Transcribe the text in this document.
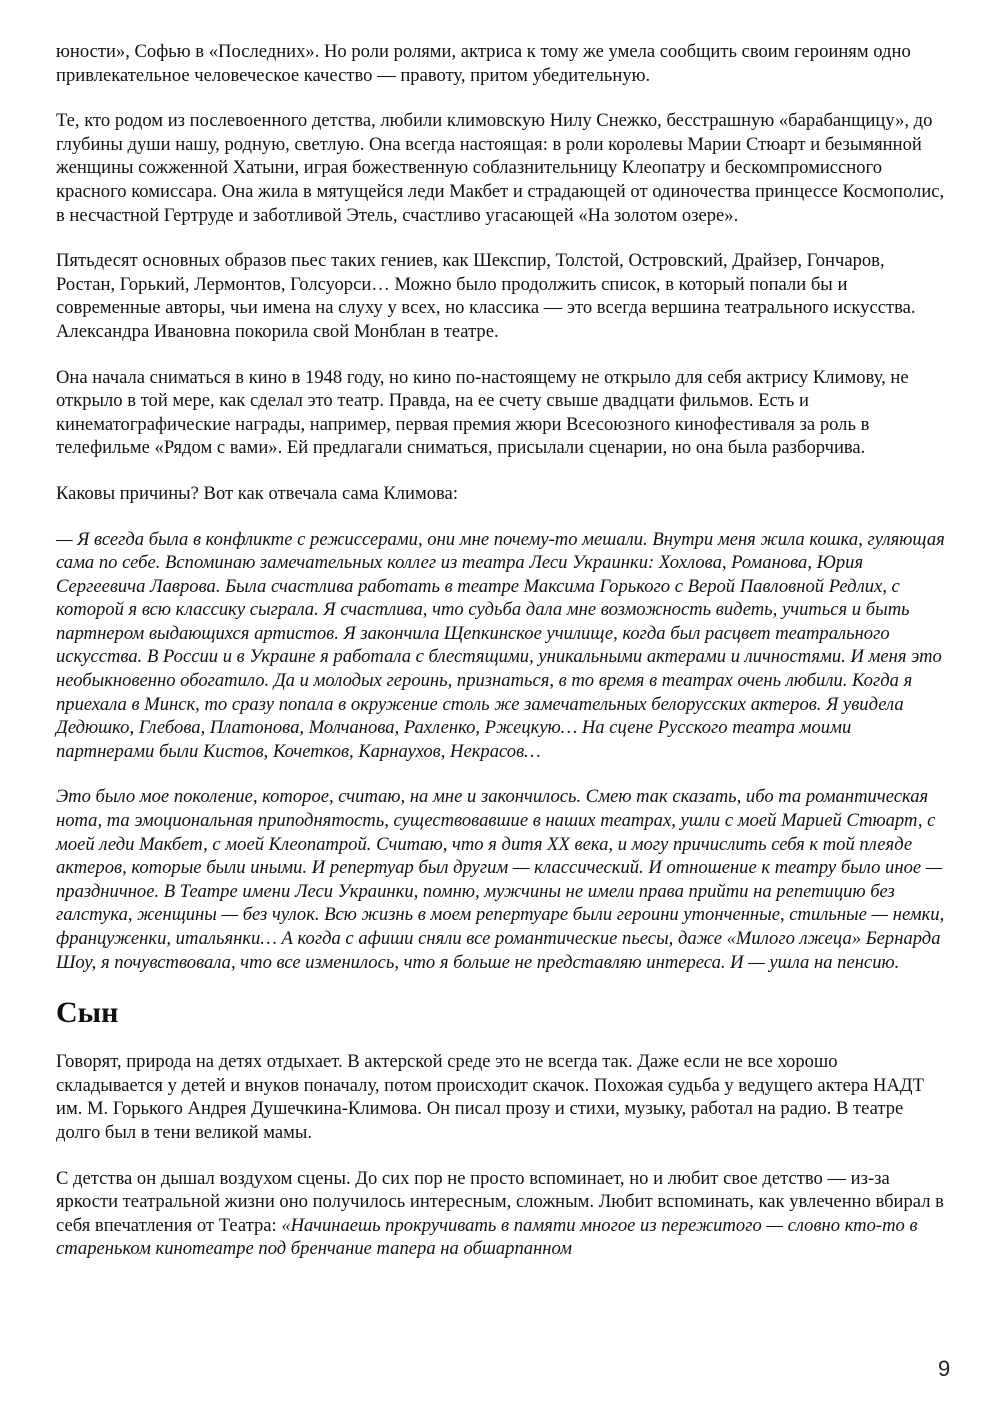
юности», Софью в «Последних». Но роли ролями, актриса к тому же умела сообщить своим героиням одно привлекательное человеческое качество — правоту, притом убедительную.

Те, кто родом из послевоенного детства, любили климовскую Нилу Снежко, бесстрашную «барабанщицу», до глубины души нашу, родную, светлую. Она всегда настоящая: в роли королевы Марии Стюарт и безымянной женщины сожженной Хатыни, играя божественную соблазнительницу Клеопатру и бескомпромиссного красного комиссара. Она жила в мятущейся леди Макбет и страдающей от одиночества принцессе Космополис, в несчастной Гертруде и заботливой Этель, счастливо угасающей «На золотом озере».

Пятьдесят основных образов пьес таких гениев, как Шекспир, Толстой, Островский, Драйзер, Гончаров, Ростан, Горький, Лермонтов, Голсуорси… Можно было продолжить список, в который попали бы и современные авторы, чьи имена на слуху у всех, но классика — это всегда вершина театрального искусства. Александра Ивановна покорила свой Монблан в театре.

Она начала сниматься в кино в 1948 году, но кино по-настоящему не открыло для себя актрису Климову, не открыло в той мере, как сделал это театр. Правда, на ее счету свыше двадцати фильмов. Есть и кинематографические награды, например, первая премия жюри Всесоюзного кинофестиваля за роль в телефильме «Рядом с вами». Ей предлагали сниматься, присылали сценарии, но она была разборчива.

Каковы причины? Вот как отвечала сама Климова:

— Я всегда была в конфликте с режиссерами, они мне почему-то мешали. Внутри меня жила кошка, гуляющая сама по себе. Вспоминаю замечательных коллег из театра Леси Украинки: Хохлова, Романова, Юрия Сергеевича Лаврова. Была счастлива работать в театре Максима Горького с Верой Павловной Редлих, с которой я всю классику сыграла. Я счастлива, что судьба дала мне возможность видеть, учиться и быть партнером выдающихся артистов. Я закончила Щепкинское училище, когда был расцвет театрального искусства. В России и в Украине я работала с блестящими, уникальными актерами и личностями. И меня это необыкновенно обогатило. Да и молодых героинь, признаться, в то время в театрах очень любили. Когда я приехала в Минск, то сразу попала в окружение столь же замечательных белорусских актеров. Я увидела Дедюшко, Глебова, Платонова, Молчанова, Рахленко, Ржецкую… На сцене Русского театра моими партнерами были Кистов, Кочетков, Карнаухов, Некрасов…

Это было мое поколение, которое, считаю, на мне и закончилось. Смею так сказать, ибо та романтическая нота, та эмоциональная приподнятость, существовавшие в наших театрах, ушли с моей Марией Стюарт, с моей леди Макбет, с моей Клеопатрой. Считаю, что я дитя XX века, и могу причислить себя к той плеяде актеров, которые были иными. И репертуар был другим — классический. И отношение к театру было иное — праздничное. В Театре имени Леси Украинки, помню, мужчины не имели права прийти на репетицию без галстука, женщины — без чулок. Всю жизнь в моем репертуаре были героини утонченные, стильные — немки, француженки, итальянки… А когда с афиши сняли все романтические пьесы, даже «Милого лжеца» Бернарда Шоу, я почувствовала, что все изменилось, что я больше не представляю интереса. И — ушла на пенсию.

Сын

Говорят, природа на детях отдыхает. В актерской среде это не всегда так. Даже если не все хорошо складывается у детей и внуков поначалу, потом происходит скачок. Похожая судьба у ведущего актера НАДТ им. М. Горького Андрея Душечкина-Климова. Он писал прозу и стихи, музыку, работал на радио. В театре долго был в тени великой мамы.

С детства он дышал воздухом сцены. До сих пор не просто вспоминает, но и любит свое детство — из-за яркости театральной жизни оно получилось интересным, сложным. Любит вспоминать, как увлеченно вбирал в себя впечатления от Театра: «Начинаешь прокручивать в памяти многое из пережитого — словно кто-то в стареньком кинотеатре под бренчание тапера на обшарпанном

9
